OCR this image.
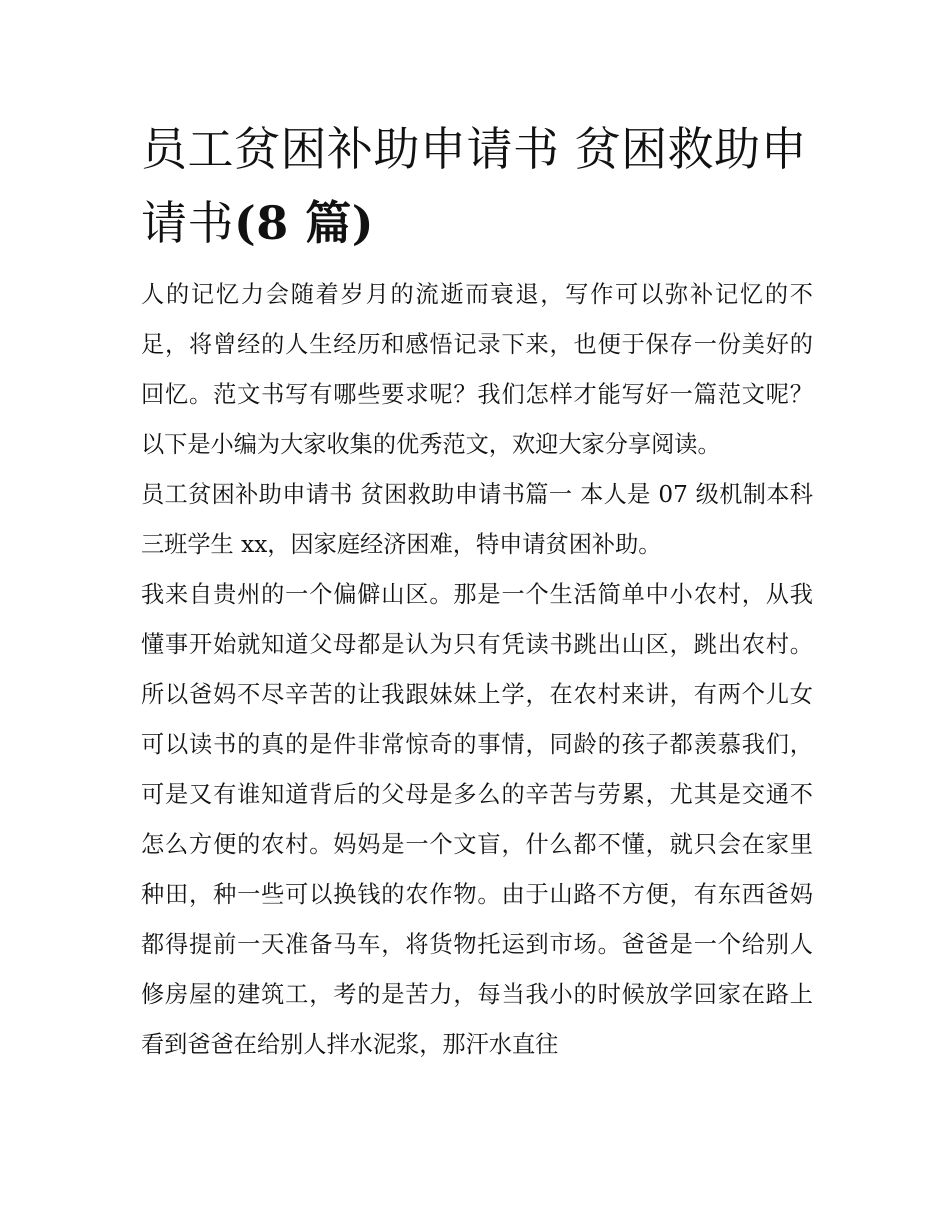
员工贫困补助申请书 贫困救助申请书(8 篇)

人的记忆力会随着岁月的流逝而衰退，写作可以弥补记忆的不足，将曾经的人生经历和感悟记录下来，也便于保存一份美好的回忆。范文书写有哪些要求呢？我们怎样才能写好一篇范文呢？以下是小编为大家收集的优秀范文，欢迎大家分享阅读。

员工贫困补助申请书 贫困救助申请书篇一 本人是 07 级机制本科三班学生 xx，因家庭经济困难，特申请贫困补助。

我来自贵州的一个偏僻山区。那是一个生活简单中小农村，从我懂事开始就知道父母都是认为只有凭读书跳出山区，跳出农村。所以爸妈不尽辛苦的让我跟妹妹上学，在农村来讲，有两个儿女可以读书的真的是件非常惊奇的事情，同龄的孩子都羡慕我们，可是又有谁知道背后的父母是多么的辛苦与劳累，尤其是交通不怎么方便的农村。妈妈是一个文盲，什么都不懂，就只会在家里种田，种一些可以换钱的农作物。由于山路不方便，有东西爸妈都得提前一天准备马车，将货物托运到市场。爸爸是一个给别人修房屋的建筑工，考的是苦力，每当我小的时候放学回家在路上看到爸爸在给别人拌水泥浆，那汗水直往
